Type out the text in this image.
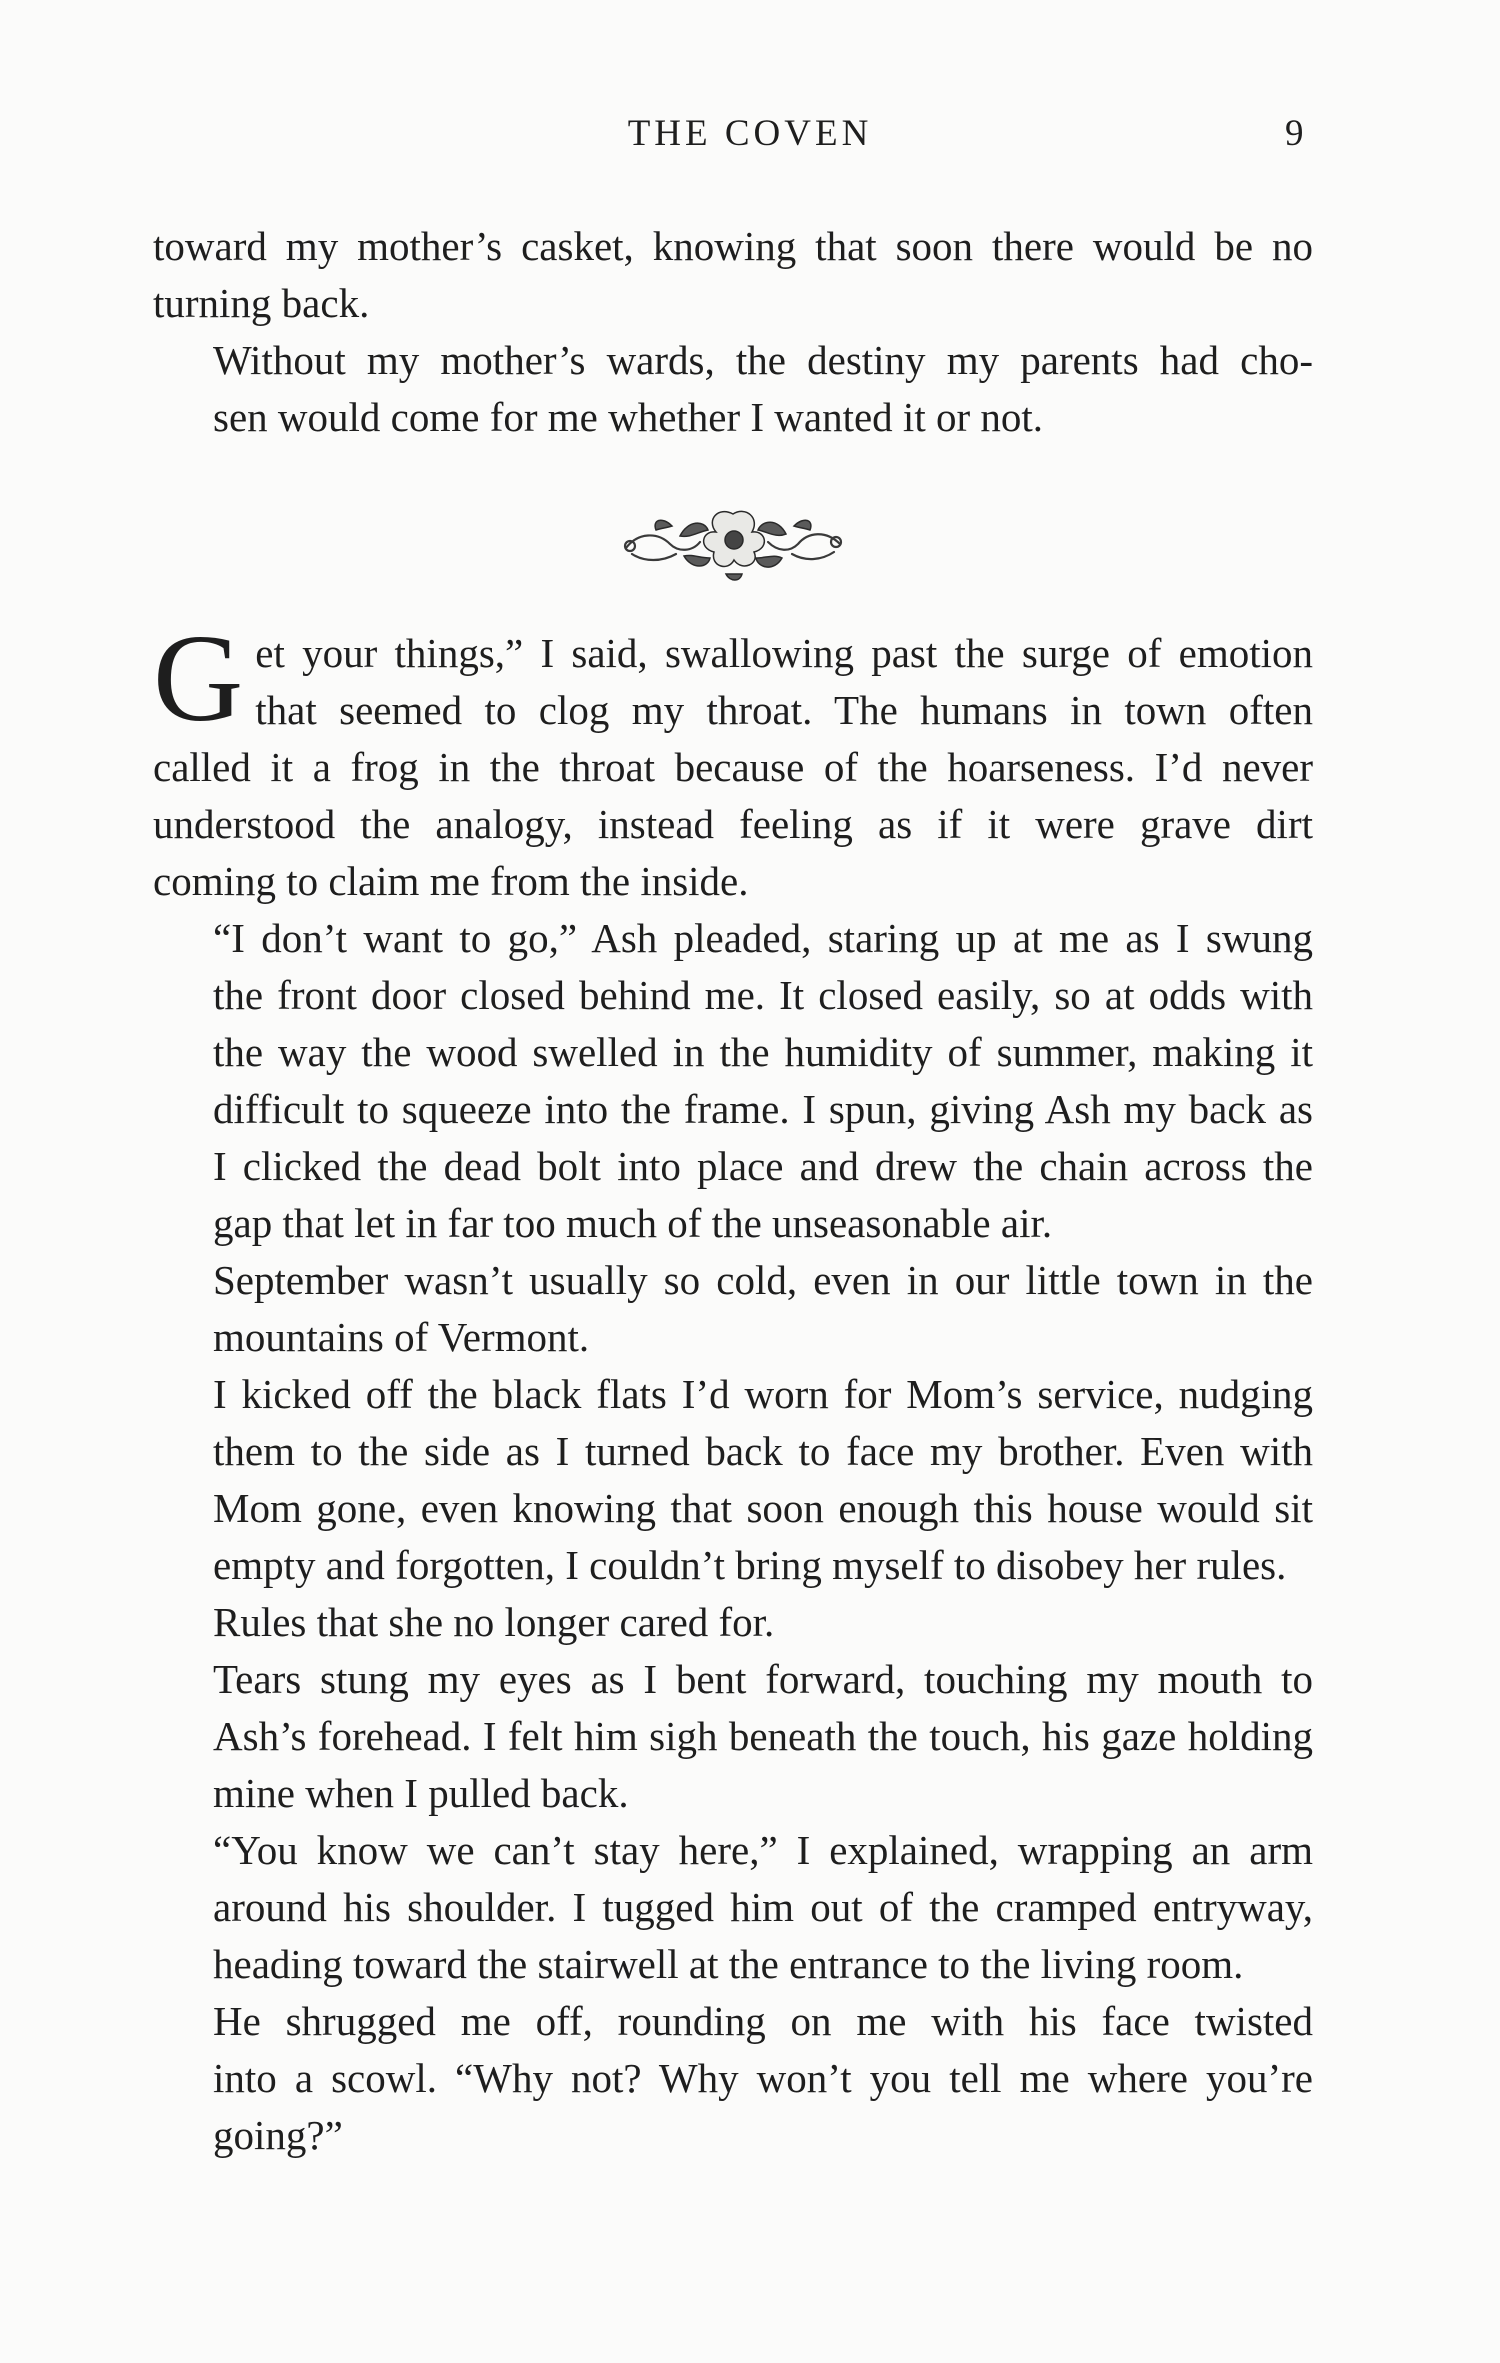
THE COVEN	9
toward my mother’s casket, knowing that soon there would be no
turning back.
Without my mother’s wards, the destiny my parents had cho-
sen would come for me whether I wanted it or not.
G et your things,” I said, swallowing past the surge of emotion
that seemed to clog my throat. The humans in town often
called it a frog in the throat because of the hoarseness. I’d never
understood the analogy, instead feeling as if it were grave dirt
coming to claim me from the inside.
“I don’t want to go,” Ash pleaded, staring up at me as I swung
the front door closed behind me. It closed easily, so at odds with
the way the wood swelled in the humidity of summer, making it
difficult to squeeze into the frame. I spun, giving Ash my back as
I clicked the dead bolt into place and drew the chain across the
gap that let in far too much of the unseasonable air.
September wasn’t usually so cold, even in our little town in the
mountains of Vermont.
I kicked off the black flats I’d worn for Mom’s service, nudging
them to the side as I turned back to face my brother. Even with
Mom gone, even knowing that soon enough this house would sit
empty and forgotten, I couldn’t bring myself to disobey her rules.
Rules that she no longer cared for.
Tears stung my eyes as I bent forward, touching my mouth to
Ash’s forehead. I felt him sigh beneath the touch, his gaze holding
mine when I pulled back.
“You know we can’t stay here,” I explained, wrapping an arm
around his shoulder. I tugged him out of the cramped entryway,
heading toward the stairwell at the entrance to the living room.
He shrugged me off, rounding on me with his face twisted
into a scowl. “Why not? Why won’t you tell me where you’re
going?”
